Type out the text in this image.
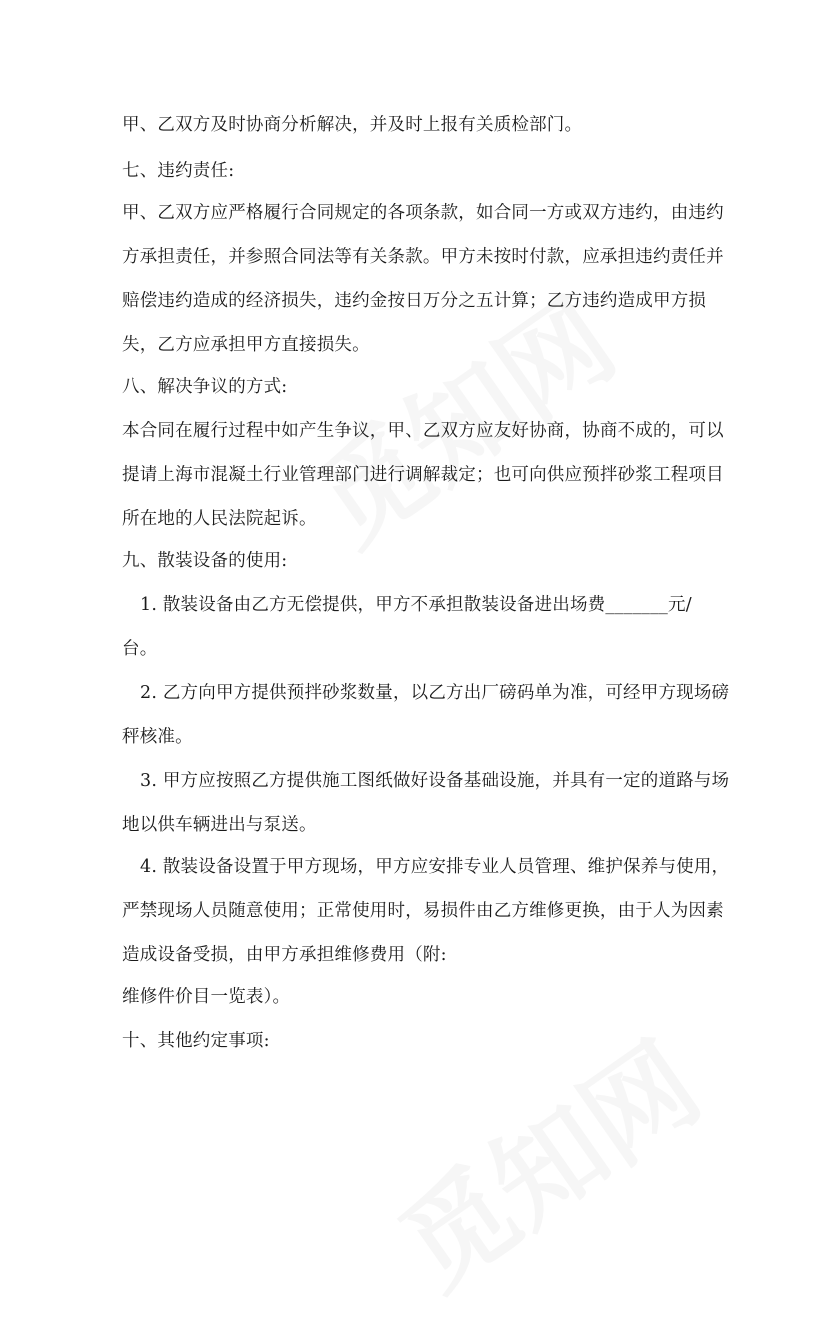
甲、乙双方及时协商分析解决，并及时上报有关质检部门。
七、违约责任:
甲、乙双方应严格履行合同规定的各项条款，如合同一方或双方违约，由违约
方承担责任，并参照合同法等有关条款。甲方未按时付款，应承担违约责任并
赔偿违约造成的经济损失，违约金按日万分之五计算；乙方违约造成甲方损
失，乙方应承担甲方直接损失。
八、解决争议的方式:
本合同在履行过程中如产生争议，甲、乙双方应友好协商，协商不成的，可以
提请上海市混凝土行业管理部门进行调解裁定；也可向供应预拌砂浆工程项目
所在地的人民法院起诉。
九、散装设备的使用:
1. 散装设备由乙方无偿提供，甲方不承担散装设备进出场费_______元/
台。
2. 乙方向甲方提供预拌砂浆数量，以乙方出厂磅码单为准，可经甲方现场磅
秤核准。
3. 甲方应按照乙方提供施工图纸做好设备基础设施，并具有一定的道路与场
地以供车辆进出与泵送。
4. 散装设备设置于甲方现场，甲方应安排专业人员管理、维护保养与使用，
严禁现场人员随意使用；正常使用时，易损件由乙方维修更换，由于人为因素
造成设备受损，由甲方承担维修费用（附:
维修件价目一览表）。
十、其他约定事项:
